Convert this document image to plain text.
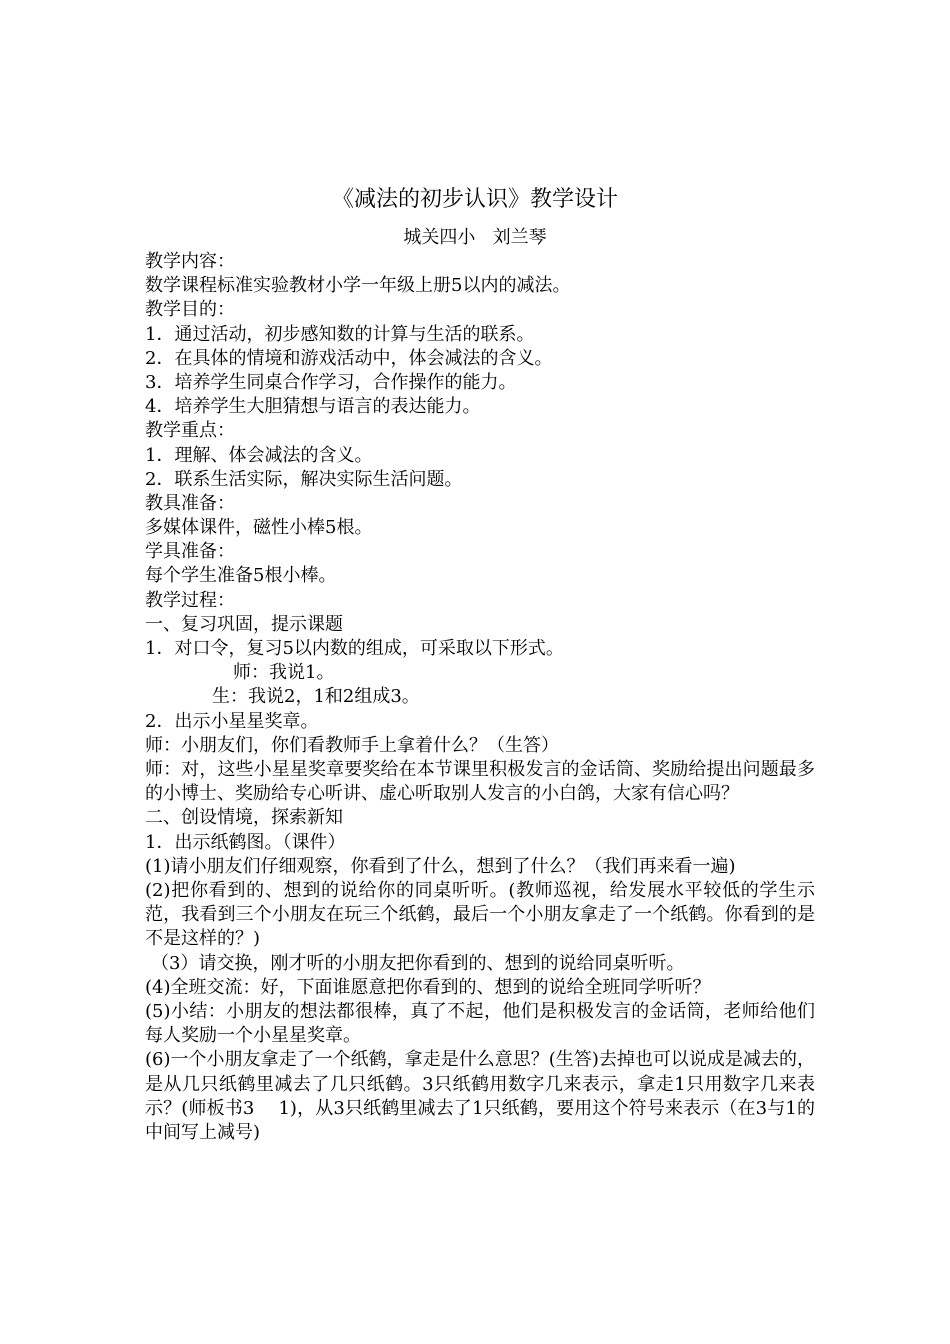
《减法的初步认识》教学设计
城关四小   刘兰琴
教学内容：
数学课程标准实验教材小学一年级上册5以内的减法。
教学目的：
1．通过活动，初步感知数的计算与生活的联系。
2．在具体的情境和游戏活动中，体会减法的含义。
3．培养学生同桌合作学习，合作操作的能力。
4．培养学生大胆猜想与语言的表达能力。
教学重点：
1．理解、体会减法的含义。
2．联系生活实际，解决实际生活问题。
教具准备：
多媒体课件，磁性小棒5根。
学具准备：
每个学生准备5根小棒。
教学过程：
一、复习巩固，提示课题
1．对口令，复习5以内数的组成，可采取以下形式。
师：我说1。
生：我说2，1和2组成3。
2．出示小星星奖章。
师：小朋友们，你们看教师手上拿着什么？（生答）
师：对，这些小星星奖章要奖给在本节课里积极发言的金话筒、奖励给提出问题最多的小博士、奖励给专心听讲、虚心听取别人发言的小白鸽，大家有信心吗？
二、创设情境，探索新知
1．出示纸鹤图。（课件）
(1)请小朋友们仔细观察，你看到了什么，想到了什么？（我们再来看一遍)
(2)把你看到的、想到的说给你的同桌听听。(教师巡视，给发展水平较低的学生示范，我看到三个小朋友在玩三个纸鹤，最后一个小朋友拿走了一个纸鹤。你看到的是不是这样的？)
（3）请交换，刚才听的小朋友把你看到的、想到的说给同桌听听。
(4)全班交流：好，下面谁愿意把你看到的、想到的说给全班同学听听？
(5)小结：小朋友的想法都很棒，真了不起，他们是积极发言的金话筒，老师给他们每人奖励一个小星星奖章。
(6)一个小朋友拿走了一个纸鹤，拿走是什么意思？(生答)去掉也可以说成是减去的，是从几只纸鹤里减去了几只纸鹤。3只纸鹤用数字几来表示，拿走1只用数字几来表示？(师板书3　 1)，从3只纸鹤里减去了1只纸鹤，要用这个符号来表示（在3与1的中间写上减号)
